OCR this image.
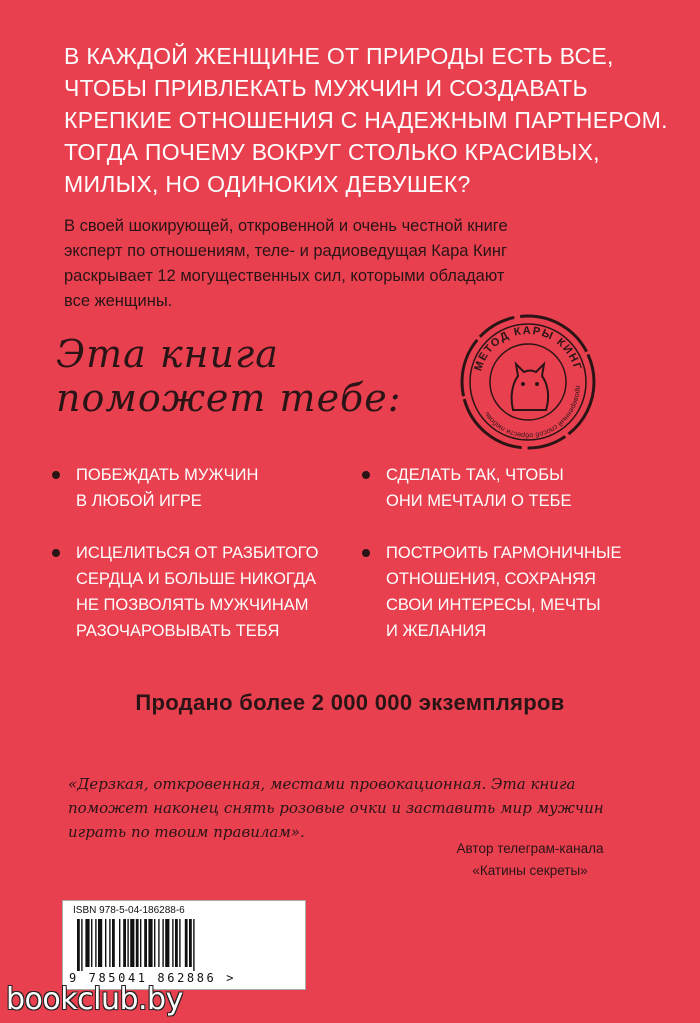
В КАЖДОЙ ЖЕНЩИНЕ ОТ ПРИРОДЫ ЕСТЬ ВСЕ,
ЧТОБЫ ПРИВЛЕКАТЬ МУЖЧИН И СОЗДАВАТЬ
КРЕПКИЕ ОТНОШЕНИЯ С НАДЕЖНЫМ ПАРТНЕРОМ.
ТОГДА ПОЧЕМУ ВОКРУГ СТОЛЬКО КРАСИВЫХ,
МИЛЫХ, НО ОДИНОКИХ ДЕВУШЕК?
В своей шокирующей, откровенной и очень честной книге
эксперт по отношениям, теле- и радиоведущая Кара Кинг
раскрывает 12 могущественных сил, которыми обладают
все женщины.
Эта книга
поможет тебе:
МЕТОД КАРЫ КИНГ
проверенный способ обрести любовь
ПОБЕЖДАТЬ МУЖЧИН
В ЛЮБОЙ ИГРЕ
СДЕЛАТЬ ТАК, ЧТОБЫ
ОНИ МЕЧТАЛИ О ТЕБЕ
ИСЦЕЛИТЬСЯ ОТ РАЗБИТОГО
СЕРДЦА И БОЛЬШЕ НИКОГДА
НЕ ПОЗВОЛЯТЬ МУЖЧИНАМ
РАЗОЧАРОВЫВАТЬ ТЕБЯ
ПОСТРОИТЬ ГАРМОНИЧНЫЕ
ОТНОШЕНИЯ, СОХРАНЯЯ
СВОИ ИНТЕРЕСЫ, МЕЧТЫ
И ЖЕЛАНИЯ
Продано более 2 000 000 экземпляров
«Дерзкая, откровенная, местами провокационная. Эта книга
поможет наконец снять розовые очки и заставить мир мужчин
играть по твоим правилам».
Автор телеграм-канала
«Катины секреты»
ISBN 978-5-04-186288-6
9 785041 862886 >
bookclub.by
